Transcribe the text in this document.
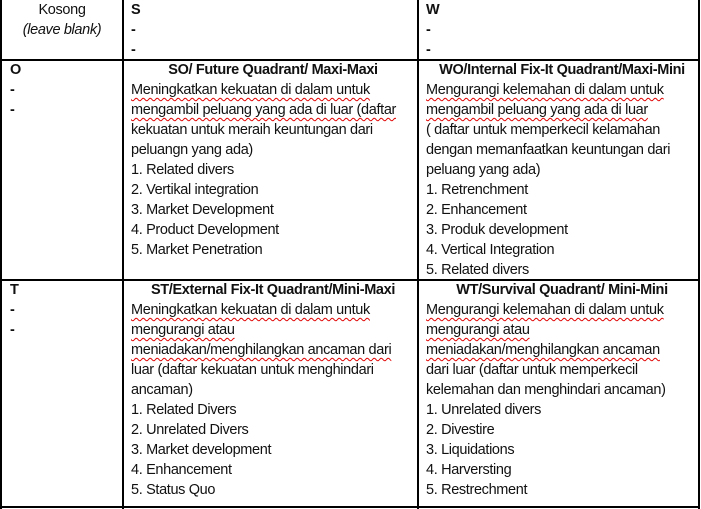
Kosong

(leave blank)

S

-

-

W

-

-

O

-

-

T

-

-

SO/ Future Quadrant/ Maxi-Maxi

Meningkatkan kekuatan di dalam untuk
mengambil peluang yang ada di luar (daftar
kekuatan untuk meraih keuntungan dari
peluangn yang ada)

1. Related divers

2. Vertikal integration

3. Market Development

4. Product Development

5. Market Penetration

WO/Internal Fix-It Quadrant/Maxi-Mini

Mengurangi kelemahan di dalam untuk
mengambil peluang yang ada di luar
( daftar untuk memperkecil kelamahan
dengan memanfaatkan keuntungan dari
peluang yang ada)

1. Retrenchment

2. Enhancement

3. Produk development

4. Vertical Integration

5. Related divers

ST/External Fix-It Quadrant/Mini-Maxi

Meningkatkan kekuatan di dalam untuk
mengurangi atau
meniadakan/menghilangkan ancaman dari
luar (daftar kekuatan untuk menghindari
ancaman)

1. Related Divers

2. Unrelated Divers

3. Market development

4. Enhancement

5. Status Quo

WT/Survival Quadrant/ Mini-Mini

Mengurangi kelemahan di dalam untuk
mengurangi atau
meniadakan/menghilangkan ancaman
dari luar (daftar untuk memperkecil
kelemahan dan menghindari ancaman)

1. Unrelated divers

2. Divestire

3. Liquidations

4. Harversting

5. Restrechment
